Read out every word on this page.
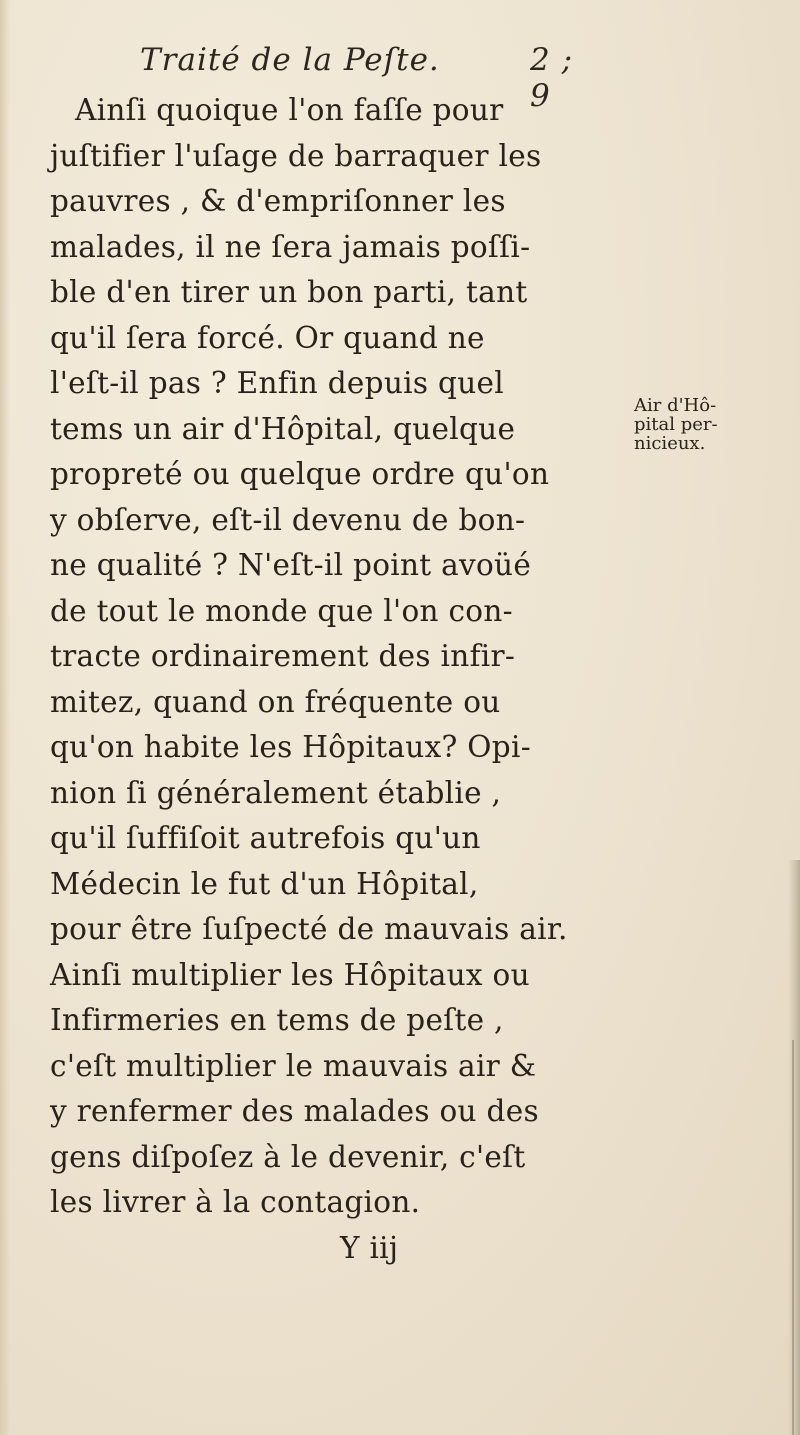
Traité de la Peſte.	2 ; 9
Ainſi quoique l'on faſſe pour
juſtifier l'uſage de barraquer les
pauvres , & d'empriſonner les
malades, il ne ſera jamais poſſi-
ble d'en tirer un bon parti, tant
qu'il ſera forcé. Or quand ne
l'eſt-il pas ? Enfin depuis quel
tems un air d'Hôpital, quelque
propreté ou quelque ordre qu'on
y obſerve, eſt-il devenu de bon-
ne qualité ? N'eſt-il point avoüé
de tout le monde que l'on con-
tracte ordinairement des infir-
mitez, quand on fréquente ou
qu'on habite les Hôpitaux? Opi-
nion ſi généralement établie ,
qu'il ſuffiſoit autrefois qu'un
Médecin le fut d'un Hôpital,
pour être ſuſpecté de mauvais air.
Ainſi multiplier les Hôpitaux ou
Infirmeries en tems de peſte ,
c'eſt multiplier le mauvais air &
y renfermer des malades ou des
gens diſpoſez à le devenir, c'eſt
les livrer à la contagion.
Y iij
Air d'Hô-
pital per-
nicieux.
